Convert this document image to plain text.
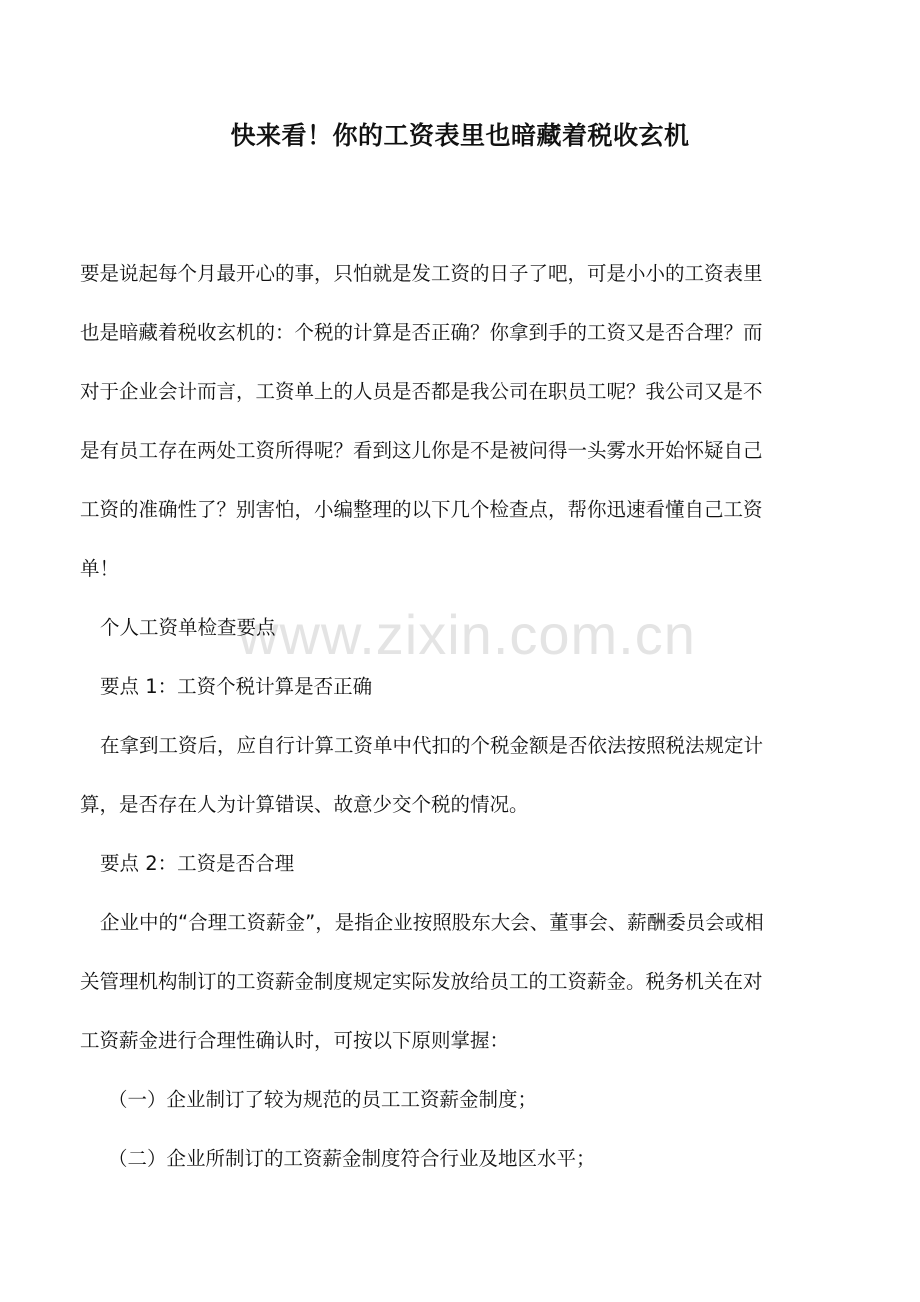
www.zixin.com.cn
快来看！你的工资表里也暗藏着税收玄机
要是说起每个月最开心的事，只怕就是发工资的日子了吧，可是小小的工资表里
也是暗藏着税收玄机的：个税的计算是否正确？你拿到手的工资又是否合理？而
对于企业会计而言，工资单上的人员是否都是我公司在职员工呢？我公司又是不
是有员工存在两处工资所得呢？看到这儿你是不是被问得一头雾水开始怀疑自己
工资的准确性了？别害怕，小编整理的以下几个检查点，帮你迅速看懂自己工资
单！
个人工资单检查要点
要点 1：工资个税计算是否正确
在拿到工资后，应自行计算工资单中代扣的个税金额是否依法按照税法规定计
算，是否存在人为计算错误、故意少交个税的情况。
要点 2：工资是否合理
企业中的“合理工资薪金”，是指企业按照股东大会、董事会、薪酬委员会或相
关管理机构制订的工资薪金制度规定实际发放给员工的工资薪金。税务机关在对
工资薪金进行合理性确认时，可按以下原则掌握：
（一）企业制订了较为规范的员工工资薪金制度；
（二）企业所制订的工资薪金制度符合行业及地区水平；
